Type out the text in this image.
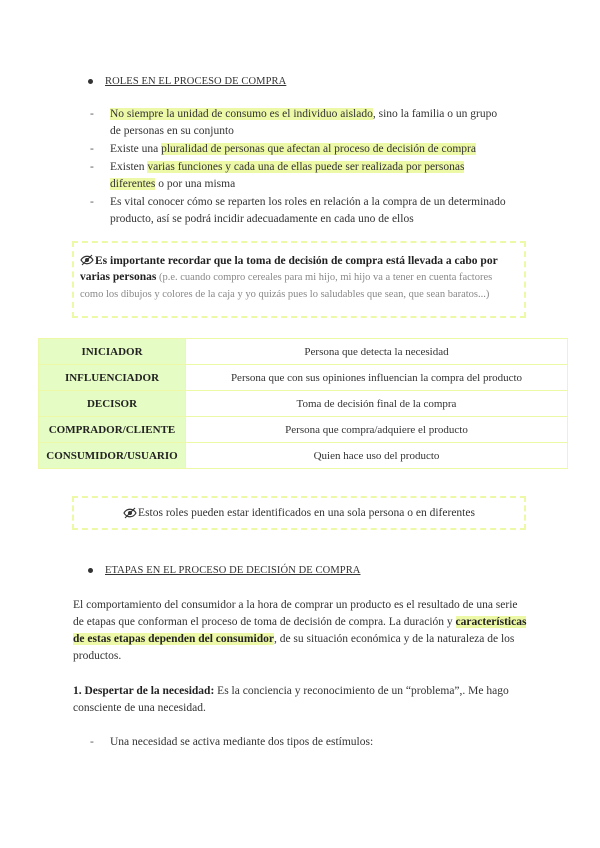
ROLES EN EL PROCESO DE COMPRA
- No siempre la unidad de consumo es el individuo aislado, sino la familia o un grupo de personas en su conjunto
- Existe una pluralidad de personas que afectan al proceso de decisión de compra
- Existen varias funciones y cada una de ellas puede ser realizada por personas diferentes o por una misma
- Es vital conocer cómo se reparten los roles en relación a la compra de un determinado producto, así se podrá incidir adecuadamente en cada uno de ellos
Es importante recordar que la toma de decisión de compra está llevada a cabo por varias personas (p.e. cuando compro cereales para mi hijo, mi hijo va a tener en cuenta factores como los dibujos y colores de la caja y yo quizás pues lo saludables que sean, que sean baratos...)
INICIADOR	Persona que detecta la necesidad
INFLUENCIADOR	Persona que con sus opiniones influencian la compra del producto
DECISOR	Toma de decisión final de la compra
COMPRADOR/CLIENTE	Persona que compra/adquiere el producto
CONSUMIDOR/USUARIO	Quien hace uso del producto
Estos roles pueden estar identificados en una sola persona o en diferentes
ETAPAS EN EL PROCESO DE DECISIÓN DE COMPRA

El comportamiento del consumidor a la hora de comprar un producto es el resultado de una serie de etapas que conforman el proceso de toma de decisión de compra. La duración y características de estas etapas dependen del consumidor, de su situación económica y de la naturaleza de los productos.

1. Despertar de la necesidad: Es la conciencia y reconocimiento de un “problema”,. Me hago consciente de una necesidad.

- Una necesidad se activa mediante dos tipos de estímulos:
